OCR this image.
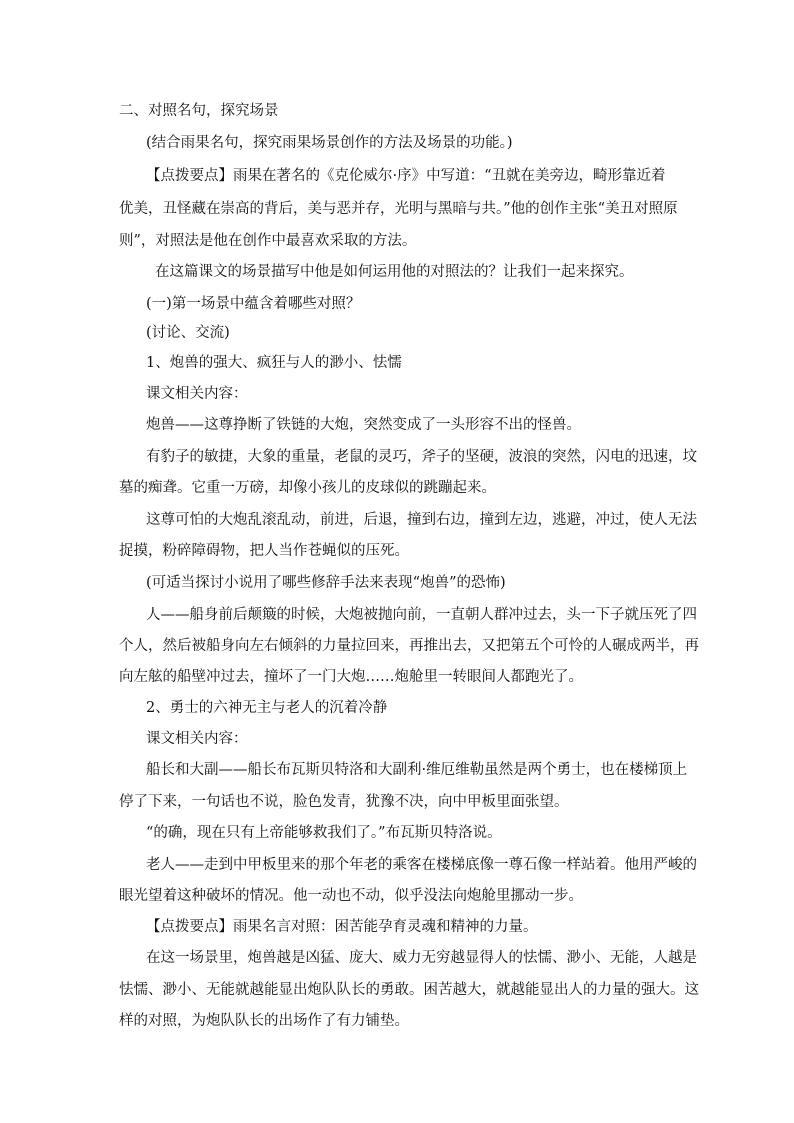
二、对照名句，探究场景
(结合雨果名句，探究雨果场景创作的方法及场景的功能。)
【点拨要点】雨果在著名的《克伦威尔·序》中写道：“丑就在美旁边，畸形靠近着
优美，丑怪藏在崇高的背后，美与恶并存，光明与黑暗与共。”他的创作主张“美丑对照原
则”，对照法是他在创作中最喜欢采取的方法。
在这篇课文的场景描写中他是如何运用他的对照法的？让我们一起来探究。
(一)第一场景中蕴含着哪些对照？
(讨论、交流)
1、炮兽的强大、疯狂与人的渺小、怯懦
课文相关内容：
炮兽——这尊挣断了铁链的大炮，突然变成了一头形容不出的怪兽。
有豹子的敏捷，大象的重量，老鼠的灵巧，斧子的坚硬，波浪的突然，闪电的迅速，坟
墓的痴聋。它重一万磅，却像小孩儿的皮球似的跳蹦起来。
这尊可怕的大炮乱滚乱动，前进，后退，撞到右边，撞到左边，逃避，冲过，使人无法
捉摸，粉碎障碍物，把人当作苍蝇似的压死。
(可适当探讨小说用了哪些修辞手法来表现“炮兽”的恐怖)
人——船身前后颠簸的时候，大炮被抛向前，一直朝人群冲过去，头一下子就压死了四
个人，然后被船身向左右倾斜的力量拉回来，再推出去，又把第五个可怜的人碾成两半，再
向左舷的船壁冲过去，撞坏了一门大炮……炮舱里一转眼间人都跑光了。
2、勇士的六神无主与老人的沉着冷静
课文相关内容：
船长和大副——船长布瓦斯贝特洛和大副利·维厄维勒虽然是两个勇士，也在楼梯顶上
停了下来，一句话也不说，脸色发青，犹豫不决，向中甲板里面张望。
“的确，现在只有上帝能够救我们了。”布瓦斯贝特洛说。
老人——走到中甲板里来的那个年老的乘客在楼梯底像一尊石像一样站着。他用严峻的
眼光望着这种破坏的情况。他一动也不动，似乎没法向炮舱里挪动一步。
【点拨要点】雨果名言对照：困苦能孕育灵魂和精神的力量。
在这一场景里，炮兽越是凶猛、庞大、威力无穷越显得人的怯懦、渺小、无能，人越是
怯懦、渺小、无能就越能显出炮队队长的勇敢。困苦越大，就越能显出人的力量的强大。这
样的对照，为炮队队长的出场作了有力铺垫。
